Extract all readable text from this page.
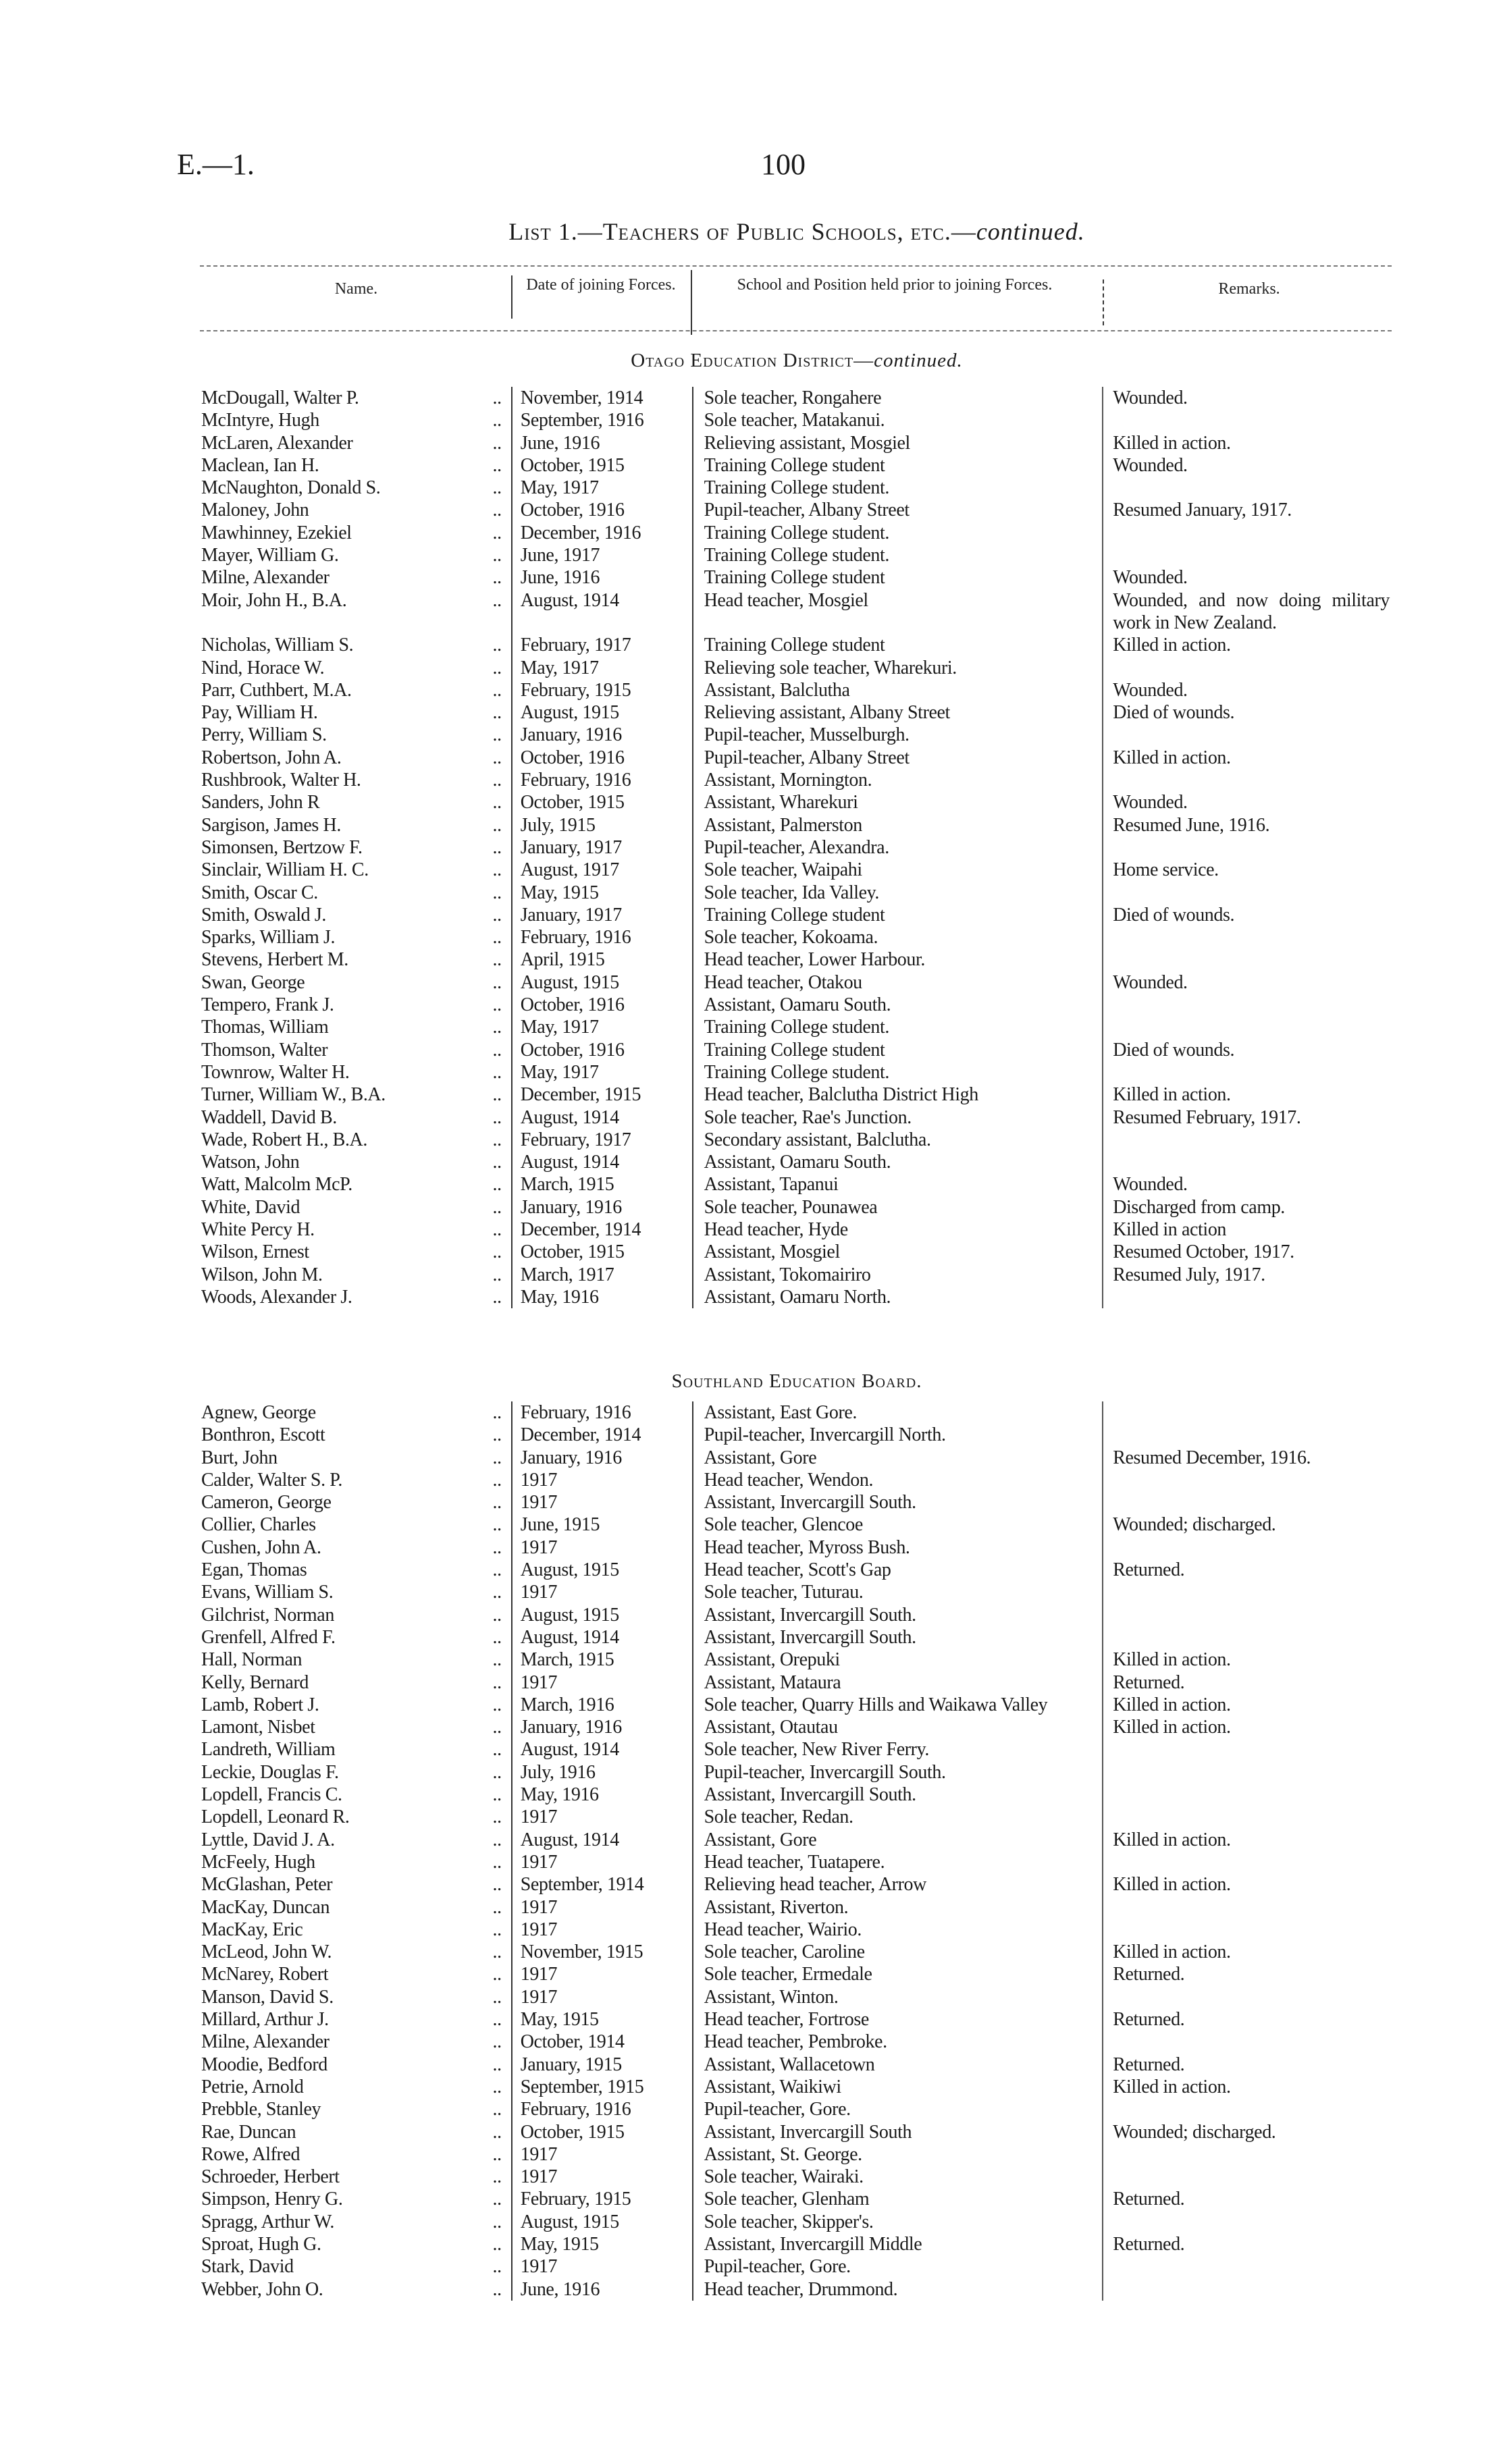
E.—1.	100
List 1.—Teachers of Public Schools, etc.—continued.
Name.	Date of joining Forces.	School and Position held prior to joining Forces.	Remarks.
Otago Education District—continued.
McDougall, Walter P. ..	November, 1914	Sole teacher, Rongahere	Wounded.
McIntyre, Hugh ..	September, 1916	Sole teacher, Matakanui.
McLaren, Alexander ..	June, 1916	Relieving assistant, Mosgiel	Killed in action.
Maclean, Ian H. ..	October, 1915	Training College student	Wounded.
McNaughton, Donald S. ..	May, 1917	Training College student.
Maloney, John ..	October, 1916	Pupil-teacher, Albany Street	Resumed January, 1917.
Mawhinney, Ezekiel ..	December, 1916	Training College student.
Mayer, William G. ..	June, 1917	Training College student.
Milne, Alexander ..	June, 1916	Training College student	Wounded.
Moir, John H., B.A. ..	August, 1914	Head teacher, Mosgiel	Wounded, and now doing military work in New Zealand.
Nicholas, William S. ..	February, 1917	Training College student	Killed in action.
Nind, Horace W. ..	May, 1917	Relieving sole teacher, Wharekuri.
Parr, Cuthbert, M.A. ..	February, 1915	Assistant, Balclutha	Wounded.
Pay, William H. ..	August, 1915	Relieving assistant, Albany Street	Died of wounds.
Perry, William S. ..	January, 1916	Pupil-teacher, Musselburgh.
Robertson, John A. ..	October, 1916	Pupil-teacher, Albany Street	Killed in action.
Rushbrook, Walter H. ..	February, 1916	Assistant, Mornington.
Sanders, John R ..	October, 1915	Assistant, Wharekuri	Wounded.
Sargison, James H. ..	July, 1915	Assistant, Palmerston	Resumed June, 1916.
Simonsen, Bertzow F. ..	January, 1917	Pupil-teacher, Alexandra.
Sinclair, William H. C. ..	August, 1917	Sole teacher, Waipahi	Home service.
Smith, Oscar C. ..	May, 1915	Sole teacher, Ida Valley.
Smith, Oswald J. ..	January, 1917	Training College student	Died of wounds.
Sparks, William J. ..	February, 1916	Sole teacher, Kokoama.
Stevens, Herbert M. ..	April, 1915	Head teacher, Lower Harbour.
Swan, George ..	August, 1915	Head teacher, Otakou	Wounded.
Tempero, Frank J. ..	October, 1916	Assistant, Oamaru South.
Thomas, William ..	May, 1917	Training College student.
Thomson, Walter ..	October, 1916	Training College student	Died of wounds.
Townrow, Walter H. ..	May, 1917	Training College student.
Turner, William W., B.A. ..	December, 1915	Head teacher, Balclutha District High	Killed in action.
Waddell, David B. ..	August, 1914	Sole teacher, Rae's Junction.	Resumed February, 1917.
Wade, Robert H., B.A. ..	February, 1917	Secondary assistant, Balclutha.
Watson, John ..	August, 1914	Assistant, Oamaru South.
Watt, Malcolm McP. ..	March, 1915	Assistant, Tapanui	Wounded.
White, David ..	January, 1916	Sole teacher, Pounawea	Discharged from camp.
White Percy H. ..	December, 1914	Head teacher, Hyde	Killed in action
Wilson, Ernest ..	October, 1915	Assistant, Mosgiel	Resumed October, 1917.
Wilson, John M. ..	March, 1917	Assistant, Tokomairiro	Resumed July, 1917.
Woods, Alexander J. ..	May, 1916	Assistant, Oamaru North.
Southland Education Board.
Agnew, George ..	February, 1916	Assistant, East Gore.
Bonthron, Escott ..	December, 1914	Pupil-teacher, Invercargill North.
Burt, John ..	January, 1916	Assistant, Gore	Resumed December, 1916.
Calder, Walter S. P. ..	1917	Head teacher, Wendon.
Cameron, George ..	1917	Assistant, Invercargill South.
Collier, Charles ..	June, 1915	Sole teacher, Glencoe	Wounded; discharged.
Cushen, John A. ..	1917	Head teacher, Myross Bush.
Egan, Thomas ..	August, 1915	Head teacher, Scott's Gap	Returned.
Evans, William S. ..	1917	Sole teacher, Tuturau.
Gilchrist, Norman ..	August, 1915	Assistant, Invercargill South.
Grenfell, Alfred F. ..	August, 1914	Assistant, Invercargill South.
Hall, Norman ..	March, 1915	Assistant, Orepuki	Killed in action.
Kelly, Bernard ..	1917	Assistant, Mataura	Returned.
Lamb, Robert J. ..	March, 1916	Sole teacher, Quarry Hills and Waikawa Valley	Killed in action.
Lamont, Nisbet ..	January, 1916	Assistant, Otautau	Killed in action.
Landreth, William ..	August, 1914	Sole teacher, New River Ferry.
Leckie, Douglas F. ..	July, 1916	Pupil-teacher, Invercargill South.
Lopdell, Francis C. ..	May, 1916	Assistant, Invercargill South.
Lopdell, Leonard R. ..	1917	Sole teacher, Redan.
Lyttle, David J. A. ..	August, 1914	Assistant, Gore	Killed in action.
McFeely, Hugh ..	1917	Head teacher, Tuatapere.
McGlashan, Peter ..	September, 1914	Relieving head teacher, Arrow	Killed in action.
MacKay, Duncan ..	1917	Assistant, Riverton.
MacKay, Eric ..	1917	Head teacher, Wairio.
McLeod, John W. ..	November, 1915	Sole teacher, Caroline	Killed in action.
McNarey, Robert ..	1917	Sole teacher, Ermedale	Returned.
Manson, David S. ..	1917	Assistant, Winton.
Millard, Arthur J. ..	May, 1915	Head teacher, Fortrose	Returned.
Milne, Alexander ..	October, 1914	Head teacher, Pembroke.
Moodie, Bedford ..	January, 1915	Assistant, Wallacetown	Returned.
Petrie, Arnold ..	September, 1915	Assistant, Waikiwi	Killed in action.
Prebble, Stanley ..	February, 1916	Pupil-teacher, Gore.
Rae, Duncan ..	October, 1915	Assistant, Invercargill South	Wounded; discharged.
Rowe, Alfred ..	1917	Assistant, St. George.
Schroeder, Herbert ..	1917	Sole teacher, Wairaki.
Simpson, Henry G. ..	February, 1915	Sole teacher, Glenham	Returned.
Spragg, Arthur W. ..	August, 1915	Sole teacher, Skipper's.
Sproat, Hugh G. ..	May, 1915	Assistant, Invercargill Middle	Returned.
Stark, David ..	1917	Pupil-teacher, Gore.
Webber, John O. ..	June, 1916	Head teacher, Drummond.
